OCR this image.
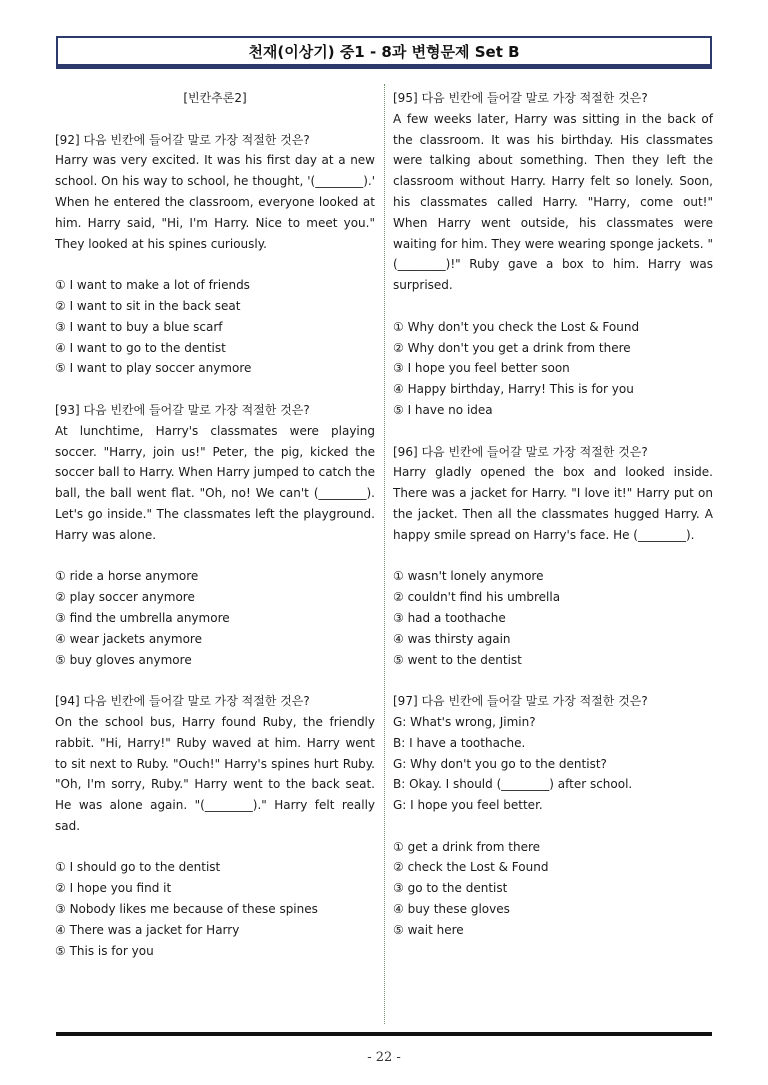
천재(이상기) 중1 - 8과 변형문제 Set B
[빈칸추론2]
[92] 다음 빈칸에 들어갈 말로 가장 적절한 것은?
Harry was very excited. It was his first day at a new school. On his way to school, he thought, '(________).' When he entered the classroom, everyone looked at him. Harry said, "Hi, I'm Harry. Nice to meet you." They looked at his spines curiously.
① I want to make a lot of friends
② I want to sit in the back seat
③ I want to buy a blue scarf
④ I want to go to the dentist
⑤ I want to play soccer anymore
[93] 다음 빈칸에 들어갈 말로 가장 적절한 것은?
At lunchtime, Harry's classmates were playing soccer. "Harry, join us!" Peter, the pig, kicked the soccer ball to Harry. When Harry jumped to catch the ball, the ball went flat. "Oh, no! We can't (________). Let's go inside." The classmates left the playground. Harry was alone.
① ride a horse anymore
② play soccer anymore
③ find the umbrella anymore
④ wear jackets anymore
⑤ buy gloves anymore
[94] 다음 빈칸에 들어갈 말로 가장 적절한 것은?
On the school bus, Harry found Ruby, the friendly rabbit. "Hi, Harry!" Ruby waved at him. Harry went to sit next to Ruby. "Ouch!" Harry's spines hurt Ruby. "Oh, I'm sorry, Ruby." Harry went to the back seat. He was alone again. "(________)." Harry felt really sad.
① I should go to the dentist
② I hope you find it
③ Nobody likes me because of these spines
④ There was a jacket for Harry
⑤ This is for you
[95] 다음 빈칸에 들어갈 말로 가장 적절한 것은?
A few weeks later, Harry was sitting in the back of the classroom. It was his birthday. His classmates were talking about something. Then they left the classroom without Harry. Harry felt so lonely. Soon, his classmates called Harry. "Harry, come out!" When Harry went outside, his classmates were waiting for him. They were wearing sponge jackets. "(________)!" Ruby gave a box to him. Harry was surprised.
① Why don't you check the Lost & Found
② Why don't you get a drink from there
③ I hope you feel better soon
④ Happy birthday, Harry! This is for you
⑤ I have no idea
[96] 다음 빈칸에 들어갈 말로 가장 적절한 것은?
Harry gladly opened the box and looked inside. There was a jacket for Harry. "I love it!" Harry put on the jacket. Then all the classmates hugged Harry. A happy smile spread on Harry's face. He (________).
① wasn't lonely anymore
② couldn't find his umbrella
③ had a toothache
④ was thirsty again
⑤ went to the dentist
[97] 다음 빈칸에 들어갈 말로 가장 적절한 것은?
G: What's wrong, Jimin?
B: I have a toothache.
G: Why don't you go to the dentist?
B: Okay. I should (________) after school.
G: I hope you feel better.
① get a drink from there
② check the Lost & Found
③ go to the dentist
④ buy these gloves
⑤ wait here
- 22 -
